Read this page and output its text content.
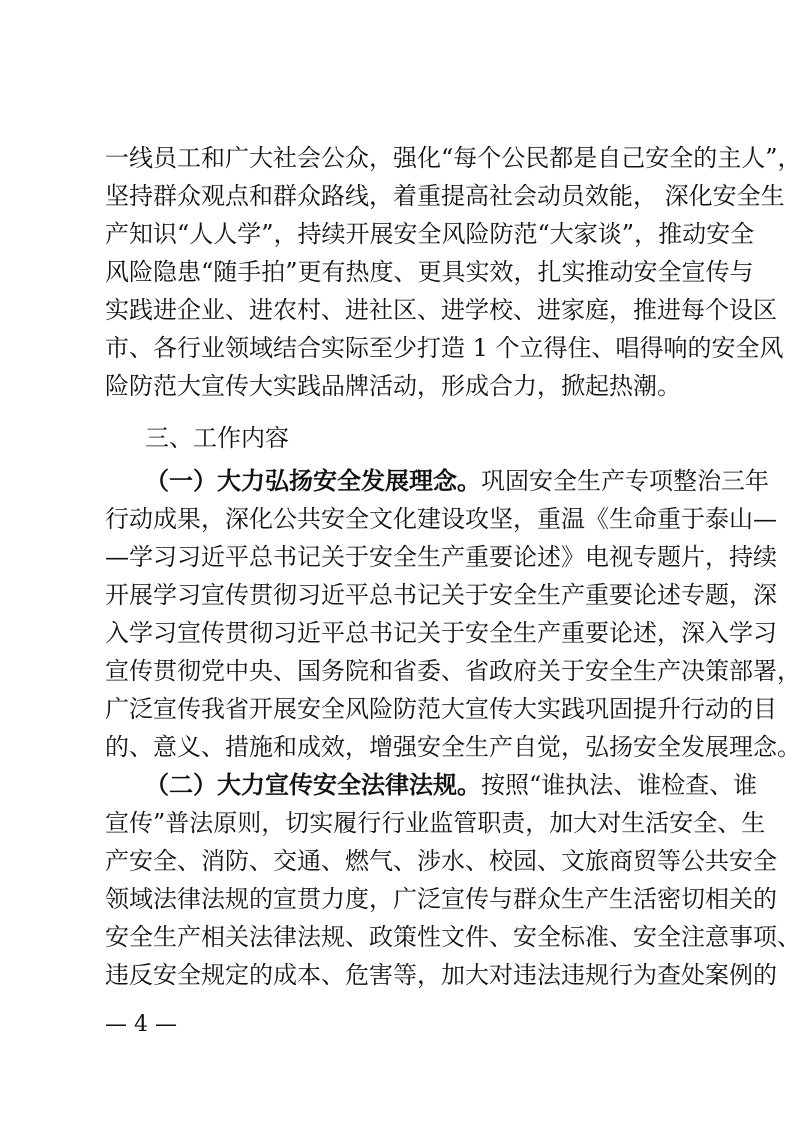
一线员工和广大社会公众，强化“每个公民都是自己安全的主人”，
坚持群众观点和群众路线，着重提高社会动员效能， 深化安全生
产知识“人人学”，持续开展安全风险防范“大家谈”，推动安全
风险隐患“随手拍”更有热度、更具实效，扎实推动安全宣传与
实践进企业、进农村、进社区、进学校、进家庭，推进每个设区
市、各行业领域结合实际至少打造 1 个立得住、唱得响的安全风
险防范大宣传大实践品牌活动，形成合力，掀起热潮。
三、工作内容
（一）大力弘扬安全发展理念。巩固安全生产专项整治三年
行动成果，深化公共安全文化建设攻坚，重温《生命重于泰山—
—学习习近平总书记关于安全生产重要论述》电视专题片，持续
开展学习宣传贯彻习近平总书记关于安全生产重要论述专题，深
入学习宣传贯彻习近平总书记关于安全生产重要论述，深入学习
宣传贯彻党中央、国务院和省委、省政府关于安全生产决策部署，
广泛宣传我省开展安全风险防范大宣传大实践巩固提升行动的目
的、意义、措施和成效，增强安全生产自觉，弘扬安全发展理念。
（二）大力宣传安全法律法规。按照“谁执法、谁检查、谁
宣传”普法原则，切实履行行业监管职责，加大对生活安全、生
产安全、消防、交通、燃气、涉水、校园、文旅商贸等公共安全
领域法律法规的宣贯力度，广泛宣传与群众生产生活密切相关的
安全生产相关法律法规、政策性文件、安全标准、安全注意事项、
违反安全规定的成本、危害等，加大对违法违规行为查处案例的
— 4 —
